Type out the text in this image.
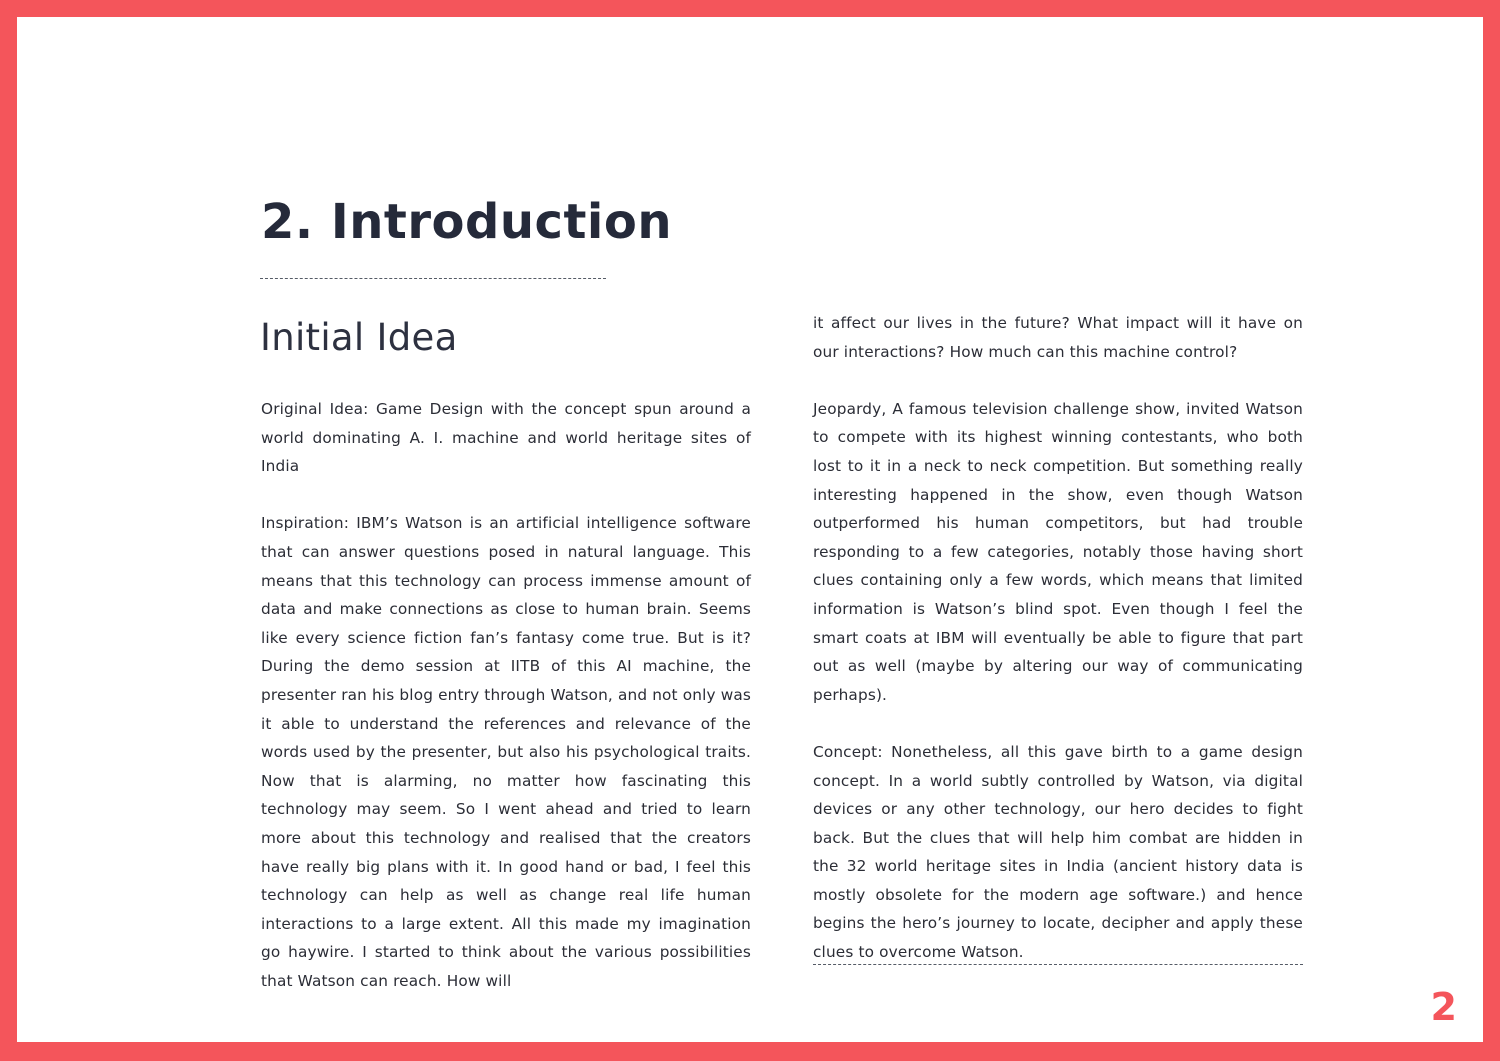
2. Introduction
Initial Idea

Original Idea: Game Design with the concept spun around a world dominating A. I. machine and world heritage sites of India

Inspiration: IBM’s Watson is an artificial intelligence software that can answer questions posed in natural language. This means that this technology can process immense amount of data and make connections as close to human brain. Seems like every science fiction fan’s fantasy come true. But is it? During the demo session at IITB of this AI machine, the presenter ran his blog entry through Watson, and not only was it able to understand the references and relevance of the words used by the presenter, but also his psychological traits. Now that is alarming, no matter how fascinating this technology may seem. So I went ahead and tried to learn more about this technology and realised that the creators have really big plans with it. In good hand or bad, I feel this technology can help as well as change real life human interactions to a large extent. All this made my imagination go haywire. I started to think about the various possibilities that Watson can reach. How will

it affect our lives in the future? What impact will it have on our interactions? How much can this machine control?

Jeopardy, A famous television challenge show, invited Watson to compete with its highest winning contestants, who both lost to it in a neck to neck competition. But something really interesting happened in the show, even though Watson outperformed his human competitors, but had trouble responding to a few categories, notably those having short clues containing only a few words, which means that limited information is Watson’s blind spot. Even though I feel the smart coats at IBM will eventually be able to figure that part out as well (maybe by altering our way of communicating perhaps).

Concept: Nonetheless, all this gave birth to a game design concept. In a world subtly controlled by Watson, via digital devices or any other technology, our hero decides to fight back. But the clues that will help him combat are hidden in the 32 world heritage sites in India (ancient history data is mostly obsolete for the modern age software.) and hence begins the hero’s journey to locate, decipher and apply these clues to overcome Watson.

2
